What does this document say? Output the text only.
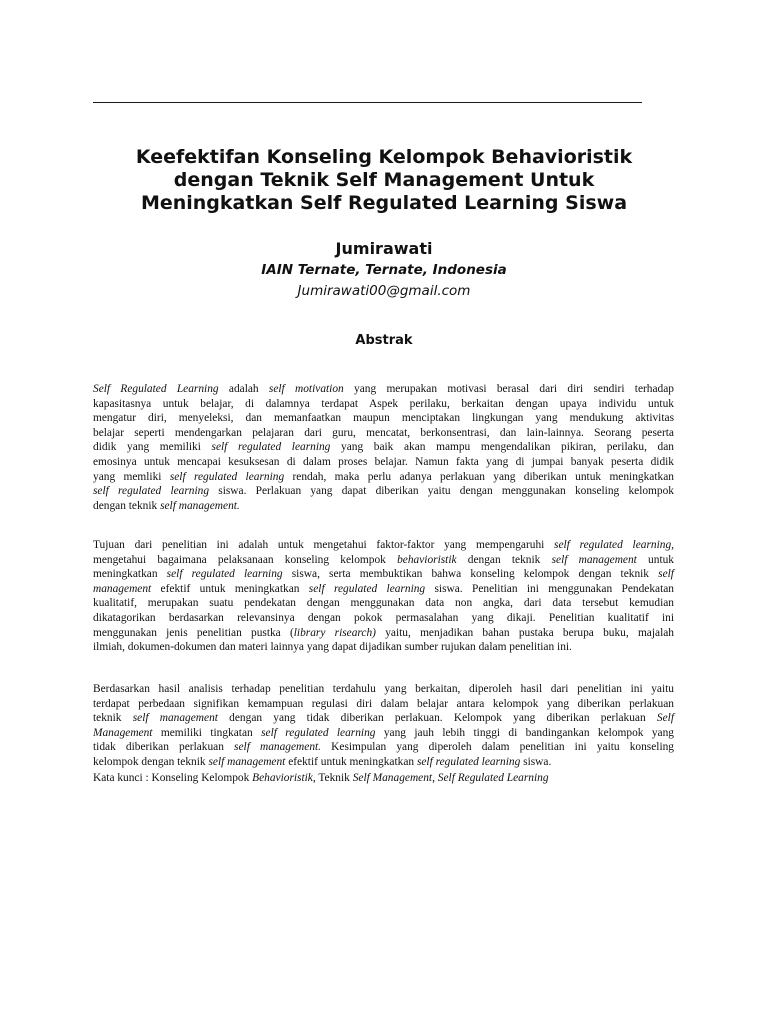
Keefektifan Konseling Kelompok Behavioristik
dengan Teknik Self Management Untuk
Meningkatkan Self Regulated Learning Siswa
Jumirawati
IAIN Ternate, Ternate, Indonesia
Jumirawati00@gmail.com
Abstrak

Self Regulated Learning adalah self motivation yang merupakan motivasi berasal dari diri sendiri terhadap
kapasitasnya untuk belajar, di dalamnya terdapat Aspek perilaku, berkaitan dengan upaya individu untuk
mengatur diri, menyeleksi, dan memanfaatkan maupun menciptakan lingkungan yang mendukung aktivitas
belajar seperti mendengarkan pelajaran dari guru, mencatat, berkonsentrasi, dan lain-lainnya. Seorang peserta
didik yang memiliki self regulated learning yang baik akan mampu mengendalikan pikiran, perilaku, dan
emosinya untuk mencapai kesuksesan di dalam proses belajar. Namun fakta yang di jumpai banyak peserta didik
yang memliki self regulated learning rendah, maka perlu adanya perlakuan yang diberikan untuk meningkatkan
self regulated learning siswa. Perlakuan yang dapat diberikan yaitu dengan menggunakan konseling kelompok
dengan teknik self management.

Tujuan dari penelitian ini adalah untuk mengetahui faktor-faktor yang mempengaruhi self regulated learning,
mengetahui bagaimana pelaksanaan konseling kelompok behavioristik dengan teknik self management untuk
meningkatkan self regulated learning siswa, serta membuktikan bahwa konseling kelompok dengan teknik self
management efektif untuk meningkatkan self regulated learning siswa. Penelitian ini menggunakan Pendekatan
kualitatif, merupakan suatu pendekatan dengan menggunakan data non angka, dari data tersebut kemudian
dikatagorikan berdasarkan relevansinya dengan pokok permasalahan yang dikaji. Penelitian kualitatif ini
menggunakan jenis penelitian pustka (library risearch) yaitu, menjadikan bahan pustaka berupa buku, majalah
ilmiah, dokumen-dokumen dan materi lainnya yang dapat dijadikan sumber rujukan dalam penelitian ini.

Berdasarkan hasil analisis terhadap penelitian terdahulu yang berkaitan, diperoleh hasil dari penelitian ini yaitu
terdapat perbedaan signifikan kemampuan regulasi diri dalam belajar antara kelompok yang diberikan perlakuan
teknik self management dengan yang tidak diberikan perlakuan. Kelompok yang diberikan perlakuan Self
Management memiliki tingkatan self regulated learning yang jauh lebih tinggi di bandingankan kelompok yang
tidak diberikan perlakuan self management. Kesimpulan yang diperoleh dalam penelitian ini yaitu konseling
kelompok dengan teknik self management efektif untuk meningkatkan self regulated learning siswa.

Kata kunci : Konseling Kelompok Behavioristik, Teknik Self Management, Self Regulated Learning
